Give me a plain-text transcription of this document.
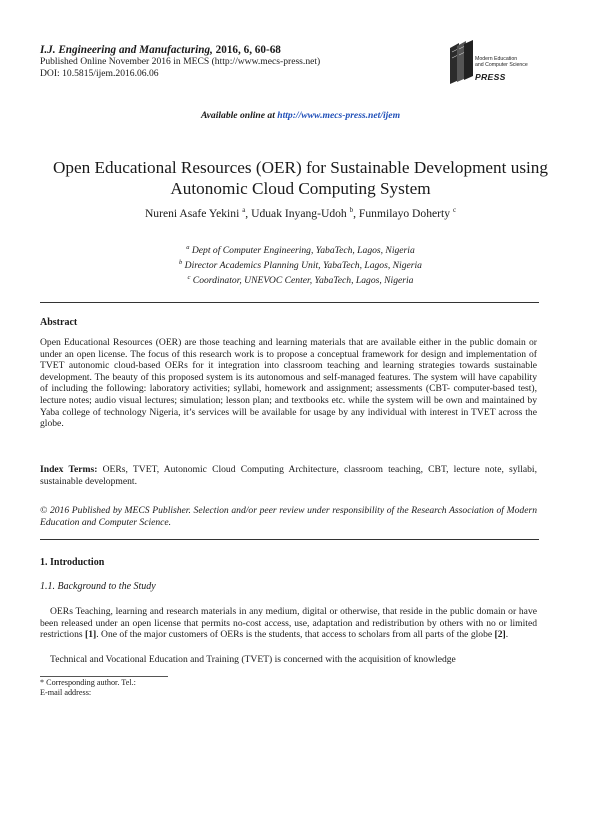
I.J. Engineering and Manufacturing, 2016, 6, 60-68
Published Online November 2016 in MECS (http://www.mecs-press.net)
DOI: 10.5815/ijem.2016.06.06
Modern Education
and Computer Science
PRESS
Available online at http://www.mecs-press.net/ijem
Open Educational Resources (OER) for Sustainable Development using Autonomic Cloud Computing System
Nureni Asafe Yekini $^a$, Uduak Inyang-Udoh $^b$, Funmilayo Doherty $^c$
$^a$ Dept of Computer Engineering, YabaTech, Lagos, Nigeria
$^b$ Director Academics Planning Unit, YabaTech, Lagos, Nigeria
$^c$ Coordinator, UNEVOC Center, YabaTech, Lagos, Nigeria
Abstract
Open Educational Resources (OER) are those teaching and learning materials that are available either in the public domain or under an open license. The focus of this research work is to propose a conceptual framework for design and implementation of TVET autonomic cloud-based OERs for it integration into classroom teaching and learning strategies towards sustainable development. The beauty of this proposed system is its autonomous and self-managed features. The system will have capability of including the following: laboratory activities; syllabi, homework and assignment; assessments (CBT- computer-based test), lecture notes; audio visual lectures; simulation; lesson plan; and textbooks etc. while the system will be own and maintained by Yaba college of technology Nigeria, it’s services will be available for usage by any individual with interest in TVET across the globe.
Index Terms: OERs, TVET, Autonomic Cloud Computing Architecture, classroom teaching, CBT, lecture note, syllabi, sustainable development.
© 2016 Published by MECS Publisher. Selection and/or peer review under responsibility of the Research Association of Modern Education and Computer Science.
1. Introduction
1.1. Background to the Study
OERs Teaching, learning and research materials in any medium, digital or otherwise, that reside in the public domain or have been released under an open license that permits no-cost access, use, adaptation and redistribution by others with no or limited restrictions [1]. One of the major customers of OERs is the students, that access to scholars from all parts of the globe [2].
Technical and Vocational Education and Training (TVET) is concerned with the acquisition of knowledge
* Corresponding author. Tel.:
E-mail address:
